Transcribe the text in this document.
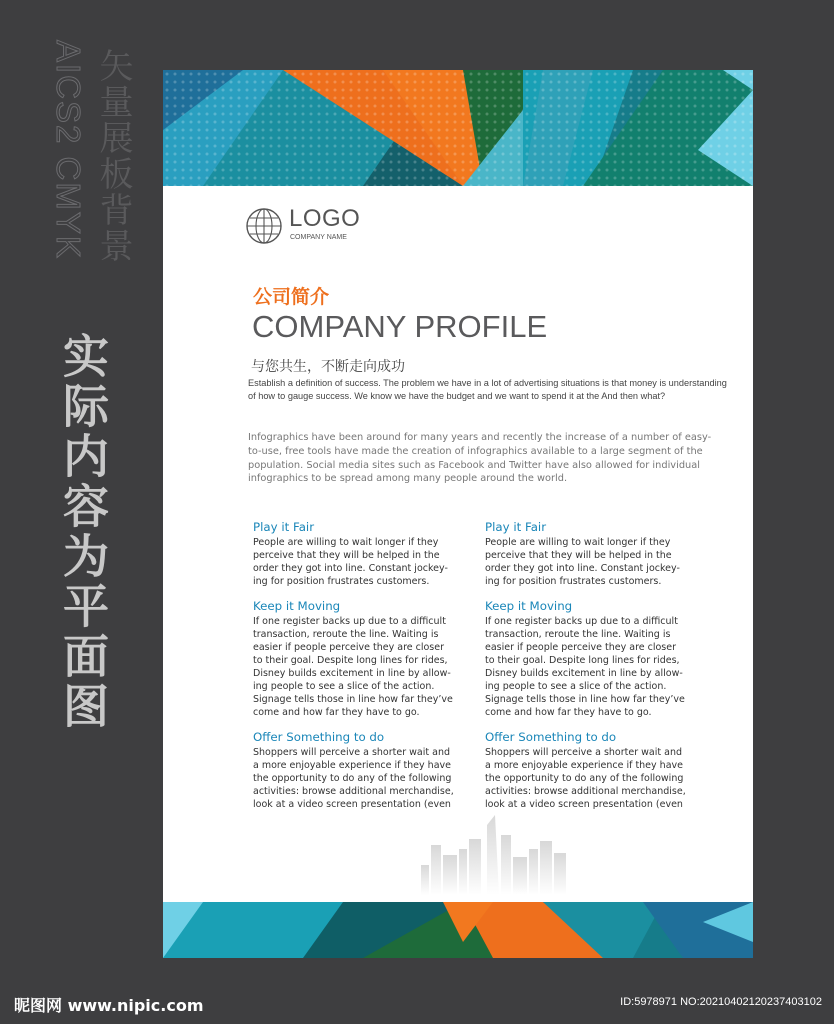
AICS2 CMYK 矢量展板背景
实际内容为平面图
LOGO
COMPANY NAME
公司简介
COMPANY PROFILE
与您共生，不断走向成功

Establish a definition of success. The problem we have in a lot of advertising situations is that money is understanding of how to gauge success. We know we have the budget and we want to spend it at the And then what?

Infographics have been around for many years and recently the increase of a number of easy-to-use, free tools have made the creation of infographics available to a large segment of the population. Social media sites such as Facebook and Twitter have also allowed for individual infographics to be spread among many people around the world.

Play it Fair

People are willing to wait longer if they
perceive that they will be helped in the
order they got into line. Constant jockey-
ing for position frustrates customers.

Keep it Moving

If one register backs up due to a difficult
transaction, reroute the line. Waiting is
easier if people perceive they are closer
to their goal. Despite long lines for rides,
Disney builds excitement in line by allow-
ing people to see a slice of the action.
Signage tells those in line how far they’ve
come and how far they have to go.

Offer Something to do

Shoppers will perceive a shorter wait and
a more enjoyable experience if they have
the opportunity to do any of the following
activities: browse additional merchandise,
look at a video screen presentation (even

Play it Fair

People are willing to wait longer if they
perceive that they will be helped in the
order they got into line. Constant jockey-
ing for position frustrates customers.

Keep it Moving

If one register backs up due to a difficult
transaction, reroute the line. Waiting is
easier if people perceive they are closer
to their goal. Despite long lines for rides,
Disney builds excitement in line by allow-
ing people to see a slice of the action.
Signage tells those in line how far they’ve
come and how far they have to go.

Offer Something to do

Shoppers will perceive a shorter wait and
a more enjoyable experience if they have
the opportunity to do any of the following
activities: browse additional merchandise,
look at a video screen presentation (even

昵图网 www.nipic.com	ID:5978971 NO:20210402120237403102
